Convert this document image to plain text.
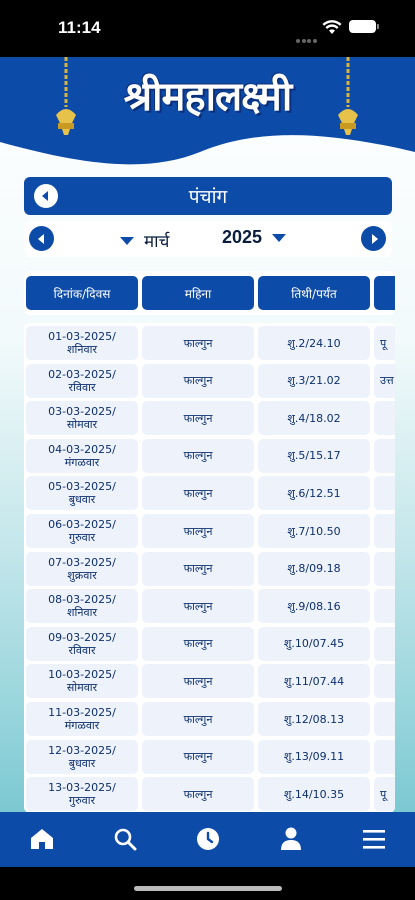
11:14
श्रीमहालक्ष्मी
पंचांग
मार्च	2025
दिनांक/दिवस	महिना	तिथी/पर्यंत
01-03-2025/
शनिवार	फाल्गुन	शु.2/24.10	पू
02-03-2025/
रविवार	फाल्गुन	शु.3/21.02	उत्त
03-03-2025/
सोमवार	फाल्गुन	शु.4/18.02
04-03-2025/
मंगळवार	फाल्गुन	शु.5/15.17
05-03-2025/
बुधवार	फाल्गुन	शु.6/12.51
06-03-2025/
गुरुवार	फाल्गुन	शु.7/10.50
07-03-2025/
शुक्रवार	फाल्गुन	शु.8/09.18
08-03-2025/
शनिवार	फाल्गुन	शु.9/08.16
09-03-2025/
रविवार	फाल्गुन	शु.10/07.45
10-03-2025/
सोमवार	फाल्गुन	शु.11/07.44
11-03-2025/
मंगळवार	फाल्गुन	शु.12/08.13
12-03-2025/
बुधवार	फाल्गुन	शु.13/09.11
13-03-2025/
गुरुवार	फाल्गुन	शु.14/10.35	पू
